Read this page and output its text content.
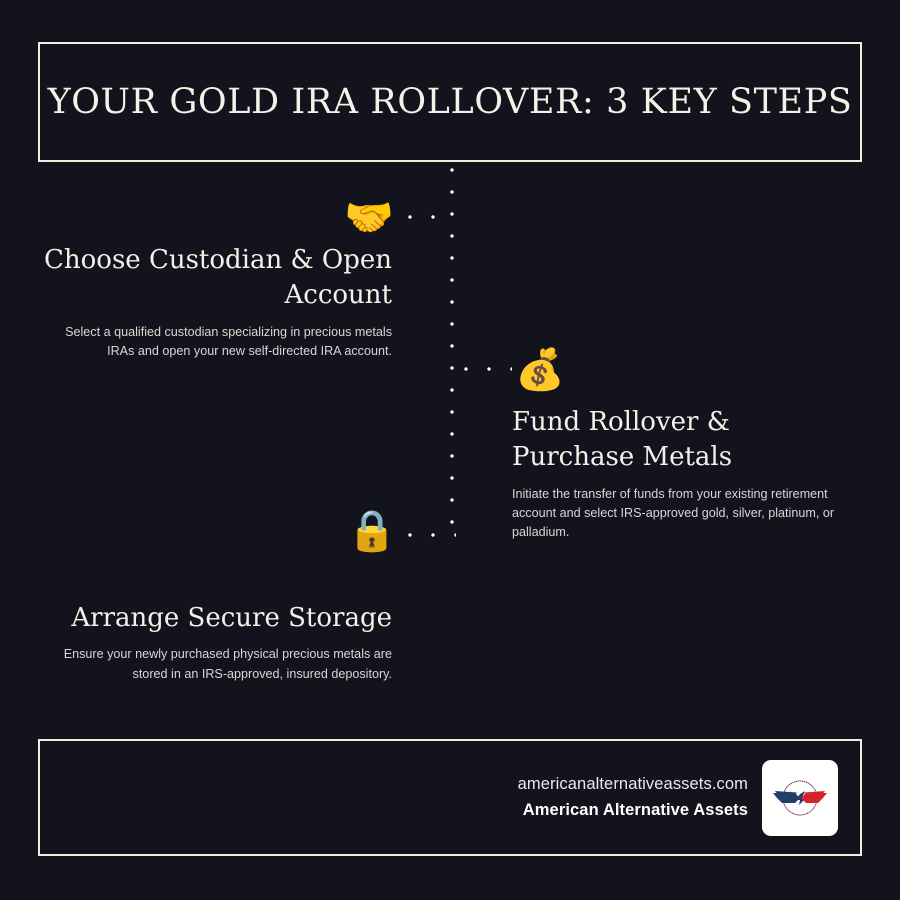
YOUR GOLD IRA ROLLOVER: 3 KEY STEPS
🤝
Choose Custodian & Open Account

Select a qualified custodian specializing in precious metals IRAs and open your new self-directed IRA account.	💰
Fund Rollover & Purchase Metals

Initiate the transfer of funds from your existing retirement account and select IRS-approved gold, silver, platinum, or palladium.

🔒
Arrange Secure Storage

Ensure your newly purchased physical precious metals are stored in an IRS-approved, insured depository.

americanalternativeassets.com
American Alternative Assets
